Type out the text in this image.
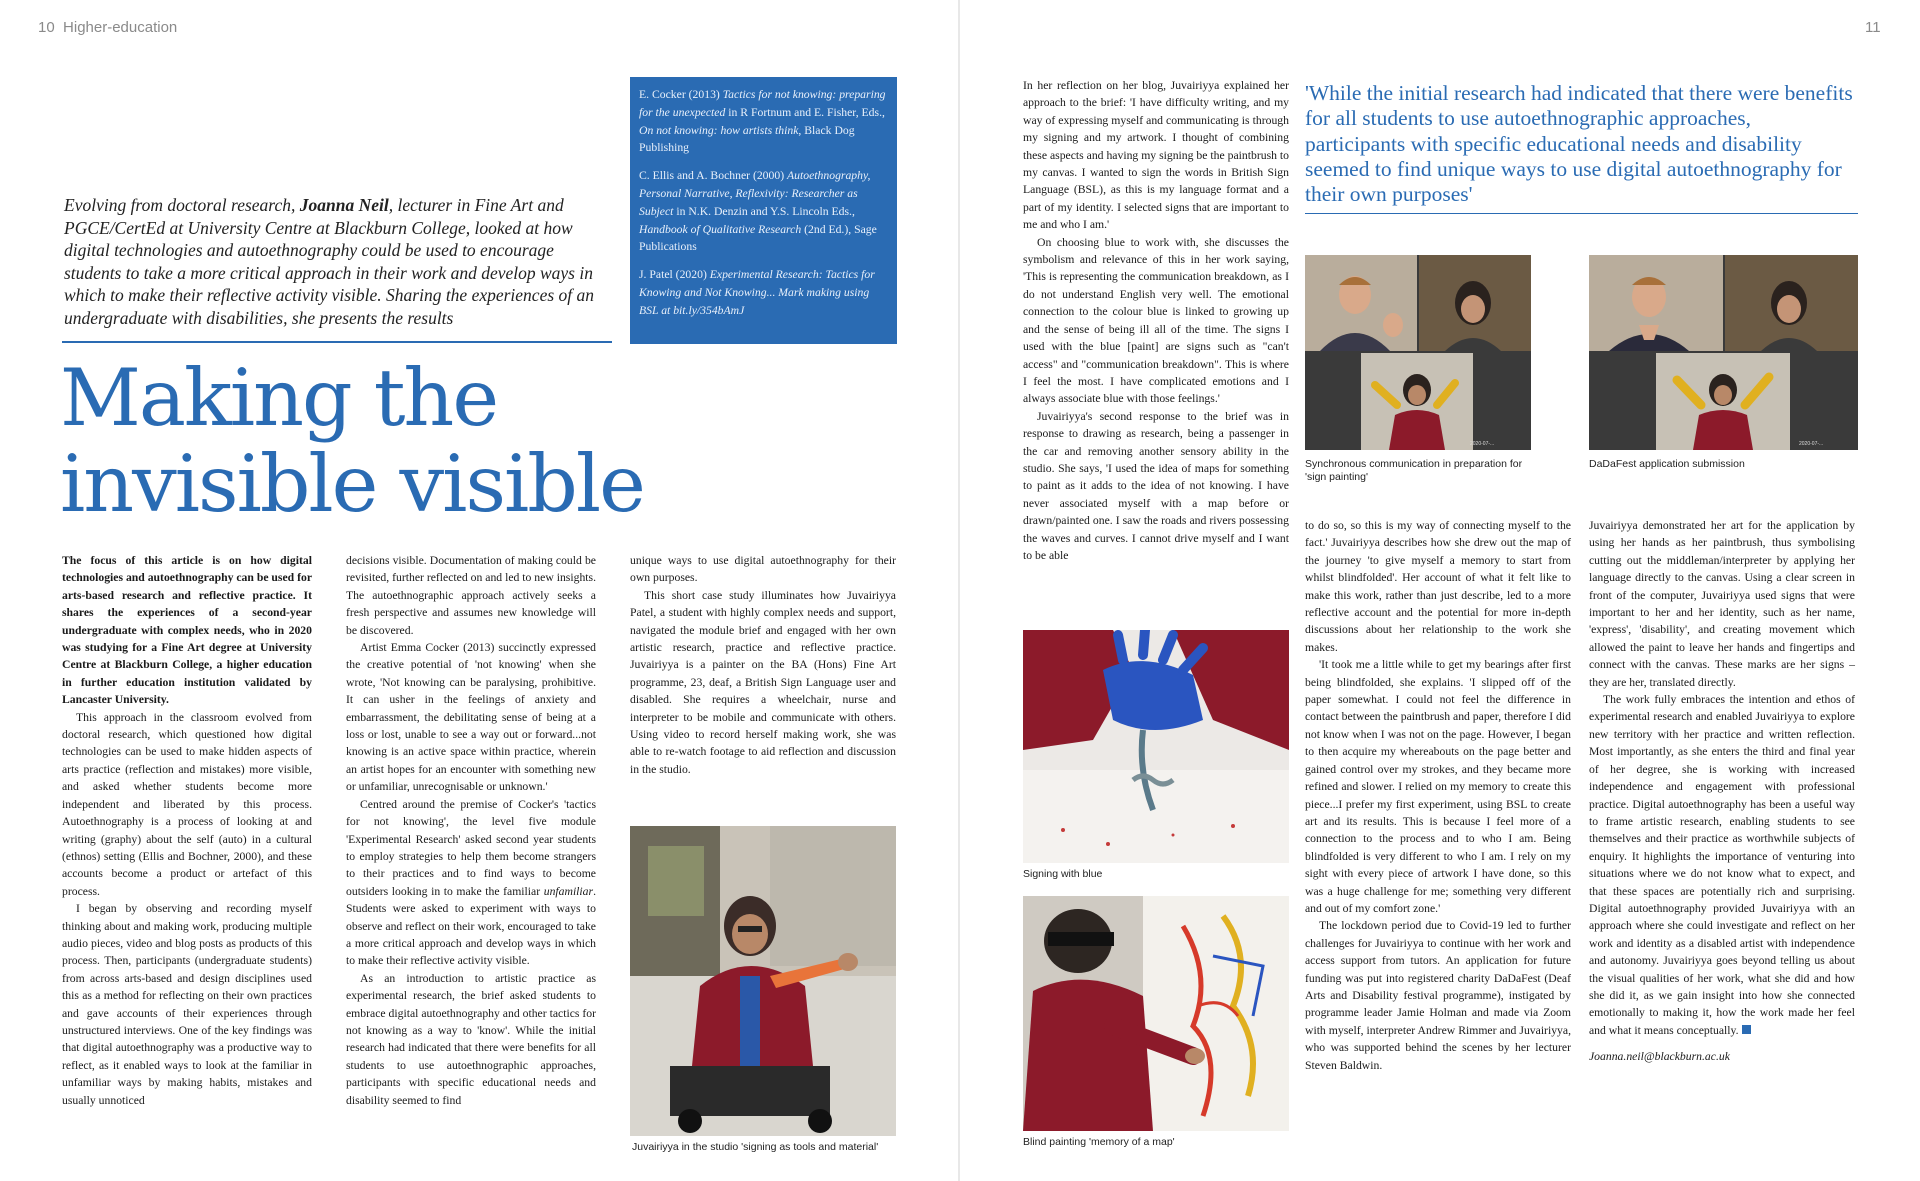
10 Higher-education
Evolving from doctoral research, Joanna Neil, lecturer in Fine Art and PGCE/CertEd at University Centre at Blackburn College, looked at how digital technologies and autoethnography could be used to encourage students to take a more critical approach in their work and develop ways in which to make their reflective activity visible. Sharing the experiences of an undergraduate with disabilities, she presents the results
Making the
invisible visible

E. Cocker (2013) Tactics for not knowing: preparing for the unexpected in R Fortnum and E. Fisher, Eds., On not knowing: how artists think, Black Dog Publishing

C. Ellis and A. Bochner (2000) Autoethnography, Personal Narrative, Reflexivity: Researcher as Subject in N.K. Denzin and Y.S. Lincoln Eds., Handbook of Qualitative Research (2nd Ed.), Sage Publications

J. Patel (2020) Experimental Research: Tactics for Knowing and Not Knowing... Mark making using BSL at bit.ly/354bAmJ

The focus of this article is on how digital technologies and autoethnography can be used for arts-based research and reflective practice. It shares the experiences of a second-year undergraduate with complex needs, who in 2020 was studying for a Fine Art degree at University Centre at Blackburn College, a higher education in further education institution validated by Lancaster University.

This approach in the classroom evolved from doctoral research, which questioned how digital technologies can be used to make hidden aspects of arts practice (reflection and mistakes) more visible, and asked whether students become more independent and liberated by this process. Autoethnography is a process of looking at and writing (graphy) about the self (auto) in a cultural (ethnos) setting (Ellis and Bochner, 2000), and these accounts become a product or artefact of this process.

I began by observing and recording myself thinking about and making work, producing multiple audio pieces, video and blog posts as products of this process. Then, participants (undergraduate students) from across arts-based and design disciplines used this as a method for reflecting on their own practices and gave accounts of their experiences through unstructured interviews. One of the key findings was that digital autoethnography was a productive way to reflect, as it enabled ways to look at the familiar in unfamiliar ways by making habits, mistakes and usually unnoticed

decisions visible. Documentation of making could be revisited, further reflected on and led to new insights. The autoethnographic approach actively seeks a fresh perspective and assumes new knowledge will be discovered.

Artist Emma Cocker (2013) succinctly expressed the creative potential of 'not knowing' when she wrote, 'Not knowing can be paralysing, prohibitive. It can usher in the feelings of anxiety and embarrassment, the debilitating sense of being at a loss or lost, unable to see a way out or forward...not knowing is an active space within practice, wherein an artist hopes for an encounter with something new or unfamiliar, unrecognisable or unknown.'

Centred around the premise of Cocker's 'tactics for not knowing', the level five module 'Experimental Research' asked second year students to employ strategies to help them become strangers to their practices and to find ways to become outsiders looking in to make the familiar unfamiliar. Students were asked to experiment with ways to observe and reflect on their work, encouraged to take a more critical approach and develop ways in which to make their reflective activity visible.

As an introduction to artistic practice as experimental research, the brief asked students to embrace digital autoethnography and other tactics for not knowing as a way to 'know'. While the initial research had indicated that there were benefits for all students to use autoethnographic approaches, participants with specific educational needs and disability seemed to find

unique ways to use digital autoethnography for their own purposes.

This short case study illuminates how Juvairiyya Patel, a student with highly complex needs and support, navigated the module brief and engaged with her own artistic research, practice and reflective practice. Juvairiyya is a painter on the BA (Hons) Fine Art programme, 23, deaf, a British Sign Language user and disabled. She requires a wheelchair, nurse and interpreter to be mobile and communicate with others. Using video to record herself making work, she was able to re-watch footage to aid reflection and discussion in the studio.

Juvairiyya in the studio 'signing as tools and material'
11

In her reflection on her blog, Juvairiyya explained her approach to the brief: 'I have difficulty writing, and my way of expressing myself and communicating is through my signing and my artwork. I thought of combining these aspects and having my signing be the paintbrush to my canvas. I wanted to sign the words in British Sign Language (BSL), as this is my language format and a part of my identity. I selected signs that are important to me and who I am.'

On choosing blue to work with, she discusses the symbolism and relevance of this in her work saying, 'This is representing the communication breakdown, as I do not understand English very well. The emotional connection to the colour blue is linked to growing up and the sense of being ill all of the time. The signs I used with the blue [paint] are signs such as "can't access" and "communication breakdown". This is where I feel the most. I have complicated emotions and I always associate blue with those feelings.'

Juvairiyya's second response to the brief was in response to drawing as research, being a passenger in the car and removing another sensory ability in the studio. She says, 'I used the idea of maps for something to paint as it adds to the idea of not knowing. I have never associated myself with a map before or drawn/painted one. I saw the roads and rivers possessing the waves and curves. I cannot drive myself and I want to be able

Signing with blue
Blind painting 'memory of a map'
'While the initial research had indicated that there were benefits for all students to use autoethnographic approaches, participants with specific educational needs and disability seemed to find unique ways to use digital autoethnography for their own purposes'
2020-07-...
Synchronous communication in preparation for 'sign painting'
2020-07-...
DaDaFest application submission

to do so, so this is my way of connecting myself to the fact.' Juvairiyya describes how she drew out the map of the journey 'to give myself a memory to start from whilst blindfolded'. Her account of what it felt like to make this work, rather than just describe, led to a more reflective account and the potential for more in-depth discussions about her relationship to the work she makes.

'It took me a little while to get my bearings after first being blindfolded, she explains. 'I slipped off of the paper somewhat. I could not feel the difference in contact between the paintbrush and paper, therefore I did not know when I was not on the page. However, I began to then acquire my whereabouts on the page better and gained control over my strokes, and they became more refined and slower. I relied on my memory to create this piece...I prefer my first experiment, using BSL to create art and its results. This is because I feel more of a connection to the process and to who I am. Being blindfolded is very different to who I am. I rely on my sight with every piece of artwork I have done, so this was a huge challenge for me; something very different and out of my comfort zone.'

The lockdown period due to Covid-19 led to further challenges for Juvairiyya to continue with her work and access support from tutors. An application for future funding was put into registered charity DaDaFest (Deaf Arts and Disability festival programme), instigated by programme leader Jamie Holman and made via Zoom with myself, interpreter Andrew Rimmer and Juvairiyya, who was supported behind the scenes by her lecturer Steven Baldwin.

Juvairiyya demonstrated her art for the application by using her hands as her paintbrush, thus symbolising cutting out the middleman/interpreter by applying her language directly to the canvas. Using a clear screen in front of the computer, Juvairiyya used signs that were important to her and her identity, such as her name, 'express', 'disability', and creating movement which allowed the paint to leave her hands and fingertips and connect with the canvas. These marks are her signs – they are her, translated directly.

The work fully embraces the intention and ethos of experimental research and enabled Juvairiyya to explore new territory with her practice and written reflection. Most importantly, as she enters the third and final year of her degree, she is working with increased independence and engagement with professional practice. Digital autoethnography has been a useful way to frame artistic research, enabling students to see themselves and their practice as worthwhile subjects of enquiry. It highlights the importance of venturing into situations where we do not know what to expect, and that these spaces are potentially rich and surprising. Digital autoethnography provided Juvairiyya with an approach where she could investigate and reflect on her work and identity as a disabled artist with independence and autonomy. Juvairiyya goes beyond telling us about the visual qualities of her work, what she did and how she did it, as we gain insight into how she connected emotionally to making it, how the work made her feel and what it means conceptually.

Joanna.neil@blackburn.ac.uk
